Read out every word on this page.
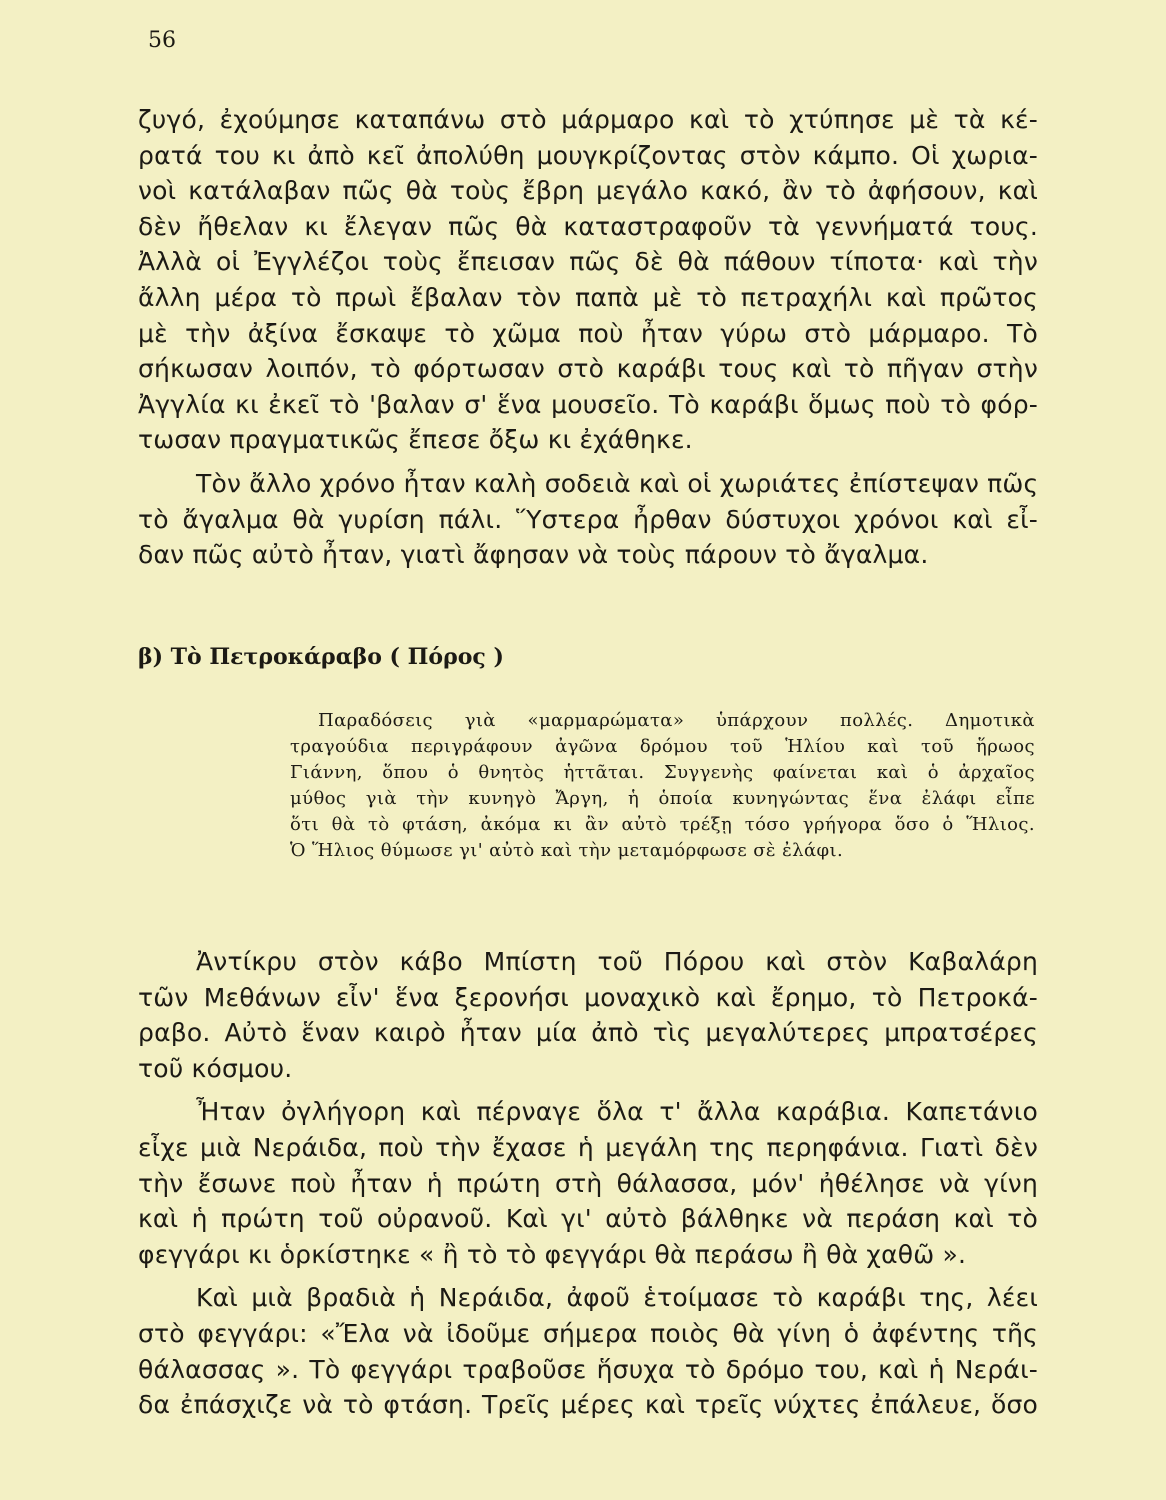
56
ζυγό, ἐχούμησε καταπάνω στὸ μάρμαρο καὶ τὸ χτύπησε μὲ τὰ κέ-
ρατά του κι ἀπὸ κεῖ ἀπολύθη μουγκρίζοντας στὸν κάμπο. Οἱ χωρια-
νοὶ κατάλαβαν πῶς θὰ τοὺς ἔβρη μεγάλο κακό, ἂν τὸ ἀφήσουν, καὶ
δὲν ἤθελαν κι ἔλεγαν πῶς θὰ καταστραφοῦν τὰ γεννήματά τους.
Ἀλλὰ οἱ Ἐγγλέζοι τοὺς ἔπεισαν πῶς δὲ θὰ πάθουν τίποτα· καὶ τὴν
ἄλλη μέρα τὸ πρωὶ ἔβαλαν τὸν παπὰ μὲ τὸ πετραχήλι καὶ πρῶτος
μὲ τὴν ἀξίνα ἔσκαψε τὸ χῶμα ποὺ ἦταν γύρω στὸ μάρμαρο. Τὸ
σήκωσαν λοιπόν, τὸ φόρτωσαν στὸ καράβι τους καὶ τὸ πῆγαν στὴν
Ἀγγλία κι ἐκεῖ τὸ 'βαλαν σ' ἕνα μουσεῖο. Τὸ καράβι ὅμως ποὺ τὸ φόρ-
τωσαν πραγματικῶς ἔπεσε ὄξω κι ἐχάθηκε.
Τὸν ἄλλο χρόνο ἦταν καλὴ σοδειὰ καὶ οἱ χωριάτες ἐπίστεψαν πῶς
τὸ ἄγαλμα θὰ γυρίση πάλι. Ὕστερα ἦρθαν δύστυχοι χρόνοι καὶ εἶ-
δαν πῶς αὐτὸ ἦταν, γιατὶ ἄφησαν νὰ τοὺς πάρουν τὸ ἄγαλμα.
β) Τὸ Πετροκάραβο ( Πόρος )
Παραδόσεις γιὰ «μαρμαρώματα» ὑπάρχουν πολλές. Δημοτικὰ
τραγούδια περιγράφουν ἀγῶνα δρόμου τοῦ Ἡλίου καὶ τοῦ ἥρωος
Γιάννη, ὅπου ὁ θνητὸς ἡττᾶται. Συγγενὴς φαίνεται καὶ ὁ ἀρχαῖος
μύθος γιὰ τὴν κυνηγὸ Ἄργη, ἡ ὁποία κυνηγώντας ἕνα ἐλάφι εἶπε
ὅτι θὰ τὸ φτάση, ἀκόμα κι ἂν αὐτὸ τρέξῃ τόσο γρήγορα ὅσο ὁ Ἥλιος.
Ὁ Ἥλιος θύμωσε γι' αὐτὸ καὶ τὴν μεταμόρφωσε σὲ ἐλάφι.
Ἀντίκρυ στὸν κάβο Μπίστη τοῦ Πόρου καὶ στὸν Καβαλάρη
τῶν Μεθάνων εἶν' ἕνα ξερονήσι μοναχικὸ καὶ ἔρημο, τὸ Πετροκά-
ραβο. Αὐτὸ ἕναν καιρὸ ἦταν μία ἀπὸ τὶς μεγαλύτερες μπρατσέρες
τοῦ κόσμου.
Ἦταν ὀγλήγορη καὶ πέρναγε ὅλα τ' ἄλλα καράβια. Καπετάνιο
εἶχε μιὰ Νεράιδα, ποὺ τὴν ἔχασε ἡ μεγάλη της περηφάνια. Γιατὶ δὲν
τὴν ἔσωνε ποὺ ἦταν ἡ πρώτη στὴ θάλασσα, μόν' ἠθέλησε νὰ γίνη
καὶ ἡ πρώτη τοῦ οὐρανοῦ. Καὶ γι' αὐτὸ βάλθηκε νὰ περάση καὶ τὸ
φεγγάρι κι ὁρκίστηκε « ἢ τὸ τὸ φεγγάρι θὰ περάσω ἢ θὰ χαθῶ ».
Καὶ μιὰ βραδιὰ ἡ Νεράιδα, ἀφοῦ ἑτοίμασε τὸ καράβι της, λέει
στὸ φεγγάρι: «Ἔλα νὰ ἰδοῦμε σήμερα ποιὸς θὰ γίνη ὁ ἀφέντης τῆς
θάλασσας ». Τὸ φεγγάρι τραβοῦσε ἥσυχα τὸ δρόμο του, καὶ ἡ Νεράι-
δα ἐπάσχιζε νὰ τὸ φτάση. Τρεῖς μέρες καὶ τρεῖς νύχτες ἐπάλευε, ὅσο
